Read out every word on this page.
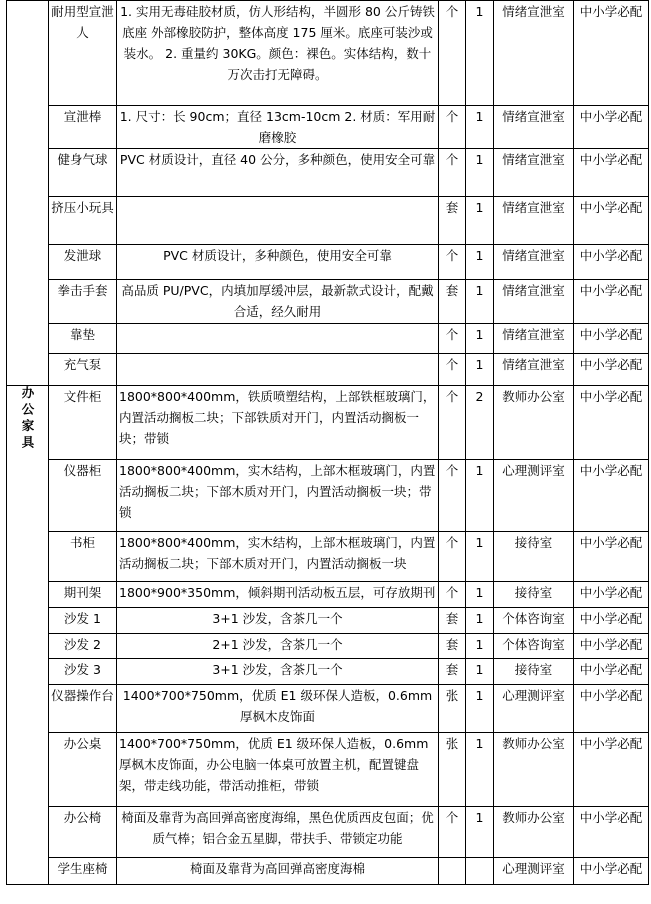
	耐用型宣泄人	1. 实用无毒硅胶材质，仿人形结构，半圆形 80 公斤铸铁底座 外部橡胶防护，整体高度 175 厘米。底座可装沙或装水。 2. 重量约 30KG。颜色：裸色。实体结构，数十万次击打无障碍。	个	1	情绪宣泄室	中小学必配
	宣泄棒	1. 尺寸：长 90cm；直径 13cm-10cm 2. 材质：军用耐磨橡胶	个	1	情绪宣泄室	中小学必配
	健身气球	PVC 材质设计，直径 40 公分，多种颜色，使用安全可靠	个	1	情绪宣泄室	中小学必配
	挤压小玩具		套	1	情绪宣泄室	中小学必配
	发泄球	PVC 材质设计，多种颜色，使用安全可靠	个	1	情绪宣泄室	中小学必配
	拳击手套	高品质 PU/PVC，内填加厚缓冲层，最新款式设计，配戴合适，经久耐用	套	1	情绪宣泄室	中小学必配
	靠垫		个	1	情绪宣泄室	中小学必配
	充气泵		个	1	情绪宣泄室	中小学必配

办公家具	文件柜	1800*800*400mm，铁质喷塑结构，上部铁框玻璃门，内置活动搁板二块；下部铁质对开门，内置活动搁板一块；带锁	个	2	教师办公室	中小学必配
	仪器柜	1800*800*400mm，实木结构，上部木框玻璃门，内置活动搁板二块；下部木质对开门，内置活动搁板一块；带锁	个	1	心理测评室	中小学必配
	书柜	1800*800*400mm，实木结构，上部木框玻璃门，内置活动搁板二块；下部木质对开门，内置活动搁板一块	个	1	接待室	中小学必配
	期刊架	1800*900*350mm，倾斜期刊活动板五层，可存放期刊	个	1	接待室	中小学必配
	沙发 1	3+1 沙发，含茶几一个	套	1	个体咨询室	中小学必配
	沙发 2	2+1 沙发，含茶几一个	套	1	个体咨询室	中小学必配
	沙发 3	3+1 沙发，含茶几一个	套	1	接待室	中小学必配
	仪器操作台	1400*700*750mm，优质 E1 级环保人造板，0.6mm 厚枫木皮饰面	张	1	心理测评室	中小学必配
	办公桌	1400*700*750mm，优质 E1 级环保人造板，0.6mm 厚枫木皮饰面，办公电脑一体桌可放置主机，配置键盘架，带走线功能，带活动推柜，带锁	张	1	教师办公室	中小学必配
	办公椅	椅面及靠背为高回弹高密度海绵，黑色优质西皮包面；优质气棒；铝合金五星脚，带扶手、带锁定功能	个	1	教师办公室	中小学必配
	学生座椅	椅面及靠背为高回弹高密度海棉			心理测评室	中小学必配
